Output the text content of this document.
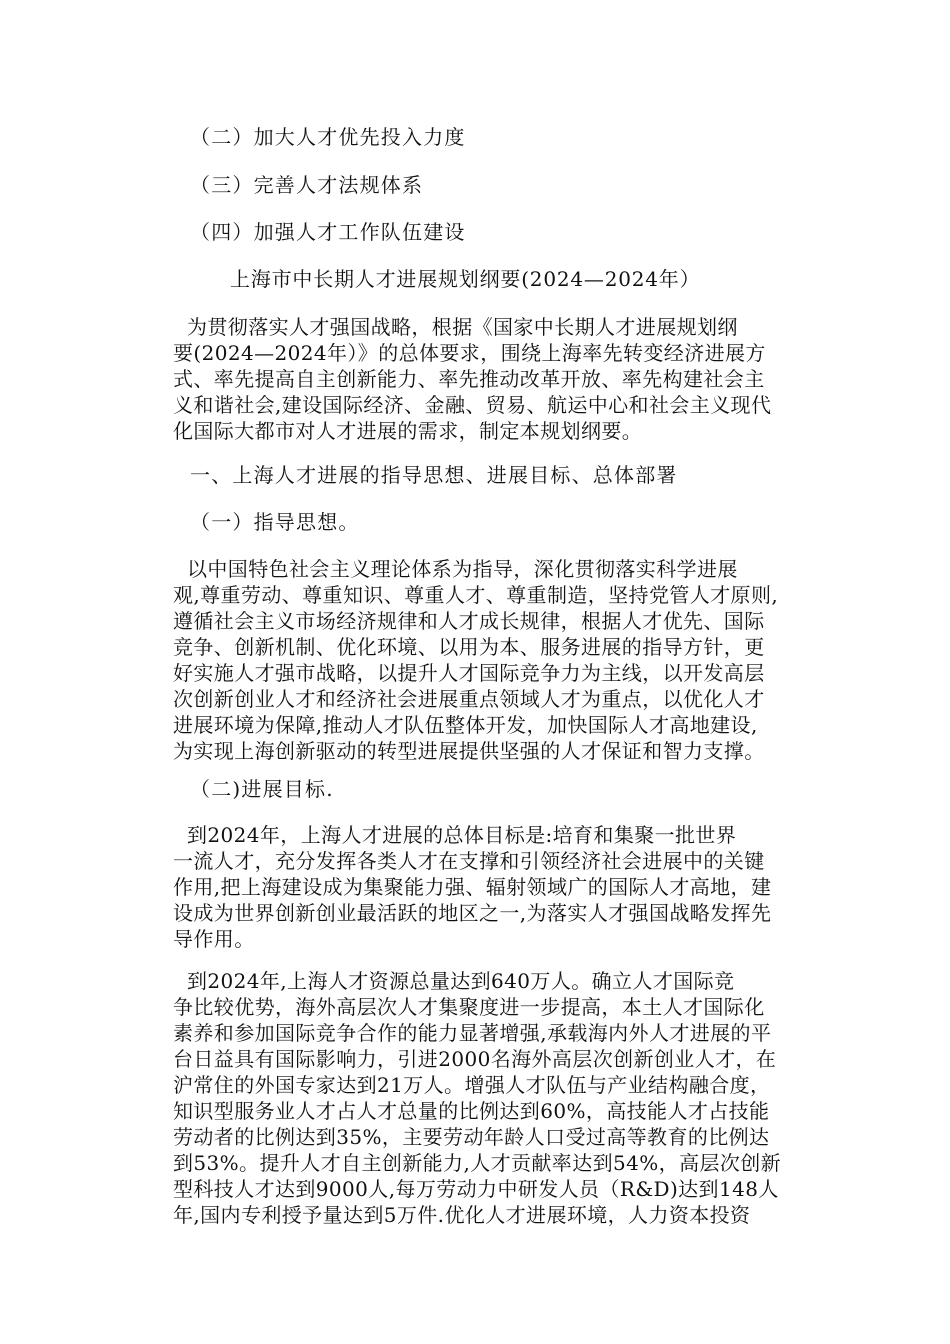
（二）加大人才优先投入力度
（三）完善人才法规体系
（四）加强人才工作队伍建设
上海市中长期人才进展规划纲要(2024—2024年）
为贯彻落实人才强国战略，根据《国家中长期人才进展规划纲
要(2024—2024年）》的总体要求，围绕上海率先转变经济进展方
式、率先提高自主创新能力、率先推动改革开放、率先构建社会主
义和谐社会,建设国际经济、金融、贸易、航运中心和社会主义现代
化国际大都市对人才进展的需求，制定本规划纲要。
一、上海人才进展的指导思想、进展目标、总体部署
（一）指导思想。
以中国特色社会主义理论体系为指导，深化贯彻落实科学进展
观,尊重劳动、尊重知识、尊重人才、尊重制造，坚持党管人才原则,
遵循社会主义市场经济规律和人才成长规律，根据人才优先、国际
竞争、创新机制、优化环境、以用为本、服务进展的指导方针，更
好实施人才强市战略，以提升人才国际竞争力为主线，以开发高层
次创新创业人才和经济社会进展重点领域人才为重点，以优化人才
进展环境为保障,推动人才队伍整体开发，加快国际人才高地建设,
为实现上海创新驱动的转型进展提供坚强的人才保证和智力支撑。
（二)进展目标.
到2024年，上海人才进展的总体目标是:培育和集聚一批世界
一流人才，充分发挥各类人才在支撑和引领经济社会进展中的关键
作用,把上海建设成为集聚能力强、辐射领域广的国际人才高地，建
设成为世界创新创业最活跃的地区之一,为落实人才强国战略发挥先
导作用。
到2024年,上海人才资源总量达到640万人。确立人才国际竞
争比较优势，海外高层次人才集聚度进一步提高，本土人才国际化
素养和参加国际竞争合作的能力显著增强,承载海内外人才进展的平
台日益具有国际影响力，引进2000名海外高层次创新创业人才，在
沪常住的外国专家达到21万人。增强人才队伍与产业结构融合度，
知识型服务业人才占人才总量的比例达到60%，高技能人才占技能
劳动者的比例达到35%，主要劳动年龄人口受过高等教育的比例达
到53%。提升人才自主创新能力,人才贡献率达到54%，高层次创新
型科技人才达到9000人,每万劳动力中研发人员（R&D)达到148人
年,国内专利授予量达到5万件.优化人才进展环境，人力资本投资
